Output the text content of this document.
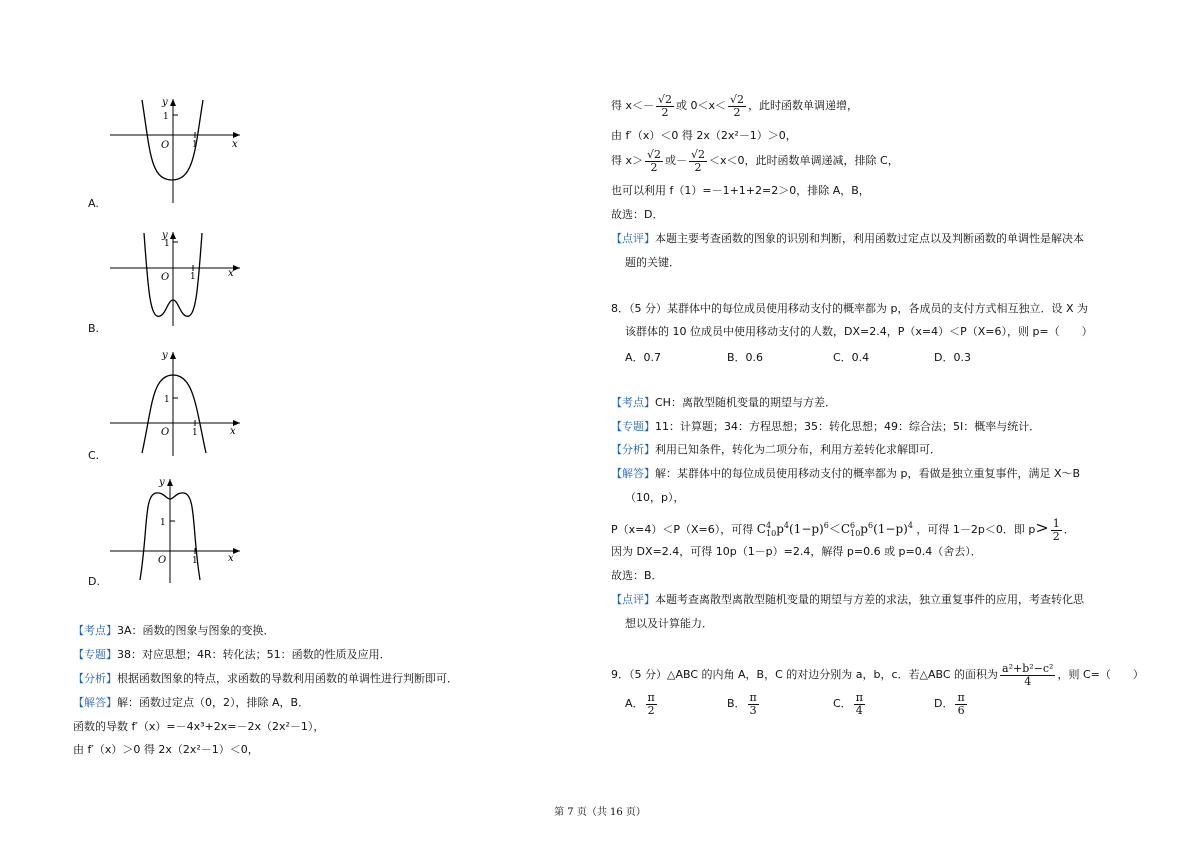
y
1
O	1	x
A.
y
1
O 1	x
B.
y
1
O	1	x
C.
y
1
O	1	x
D.
【考点】3A：函数的图象与图象的变换．
【专题】38：对应思想；4R：转化法；51：函数的性质及应用．
【分析】根据函数图象的特点，求函数的导数利用函数的单调性进行判断即可．
【解答】解：函数过定点（0，2），排除 A，B．
函数的导数 f′（x）=－4x³+2x=－2x（2x²－1），
由 f′（x）＞0 得 2x（2x²－1）＜0，
得 $x<- \frac{√2}{2}$ 或 $0<x< \frac{√2}{2}$ ，此时函数单调递增，
由 f′（x）＜0 得 2x（2x²－1）＞0，
得 $x> \frac{√2}{2}$ 或－ $\frac{√2}{2} <x<0$，此时函数单调递减，排除 C，
也可以利用 f（1）=－1+1+2=2＞0，排除 A，B，
故选：D．
【点评】本题主要考查函数的图象的识别和判断，利用函数过定点以及判断函数的单调性是解决本
题的关键．
8．（5 分）某群体中的每位成员使用移动支付的概率都为 p，各成员的支付方式相互独立．设 X 为
该群体的 10 位成员中使用移动支付的人数，DX=2.4，P（x=4）＜P（X=6），则 p=（　　）
A．0.7	B．0.6	C．0.4	D．0.3
【考点】CH：离散型随机变量的期望与方差．
【专题】11：计算题；34：方程思想；35：转化思想；49：综合法；5I：概率与统计．
【分析】利用已知条件，转化为二项分布，利用方差转化求解即可．
【解答】解：某群体中的每位成员使用移动支付的概率都为 p，看做是独立重复事件，满足 X～B
（10，p），
P（x=4）＜P（X=6），可得 $C^4_{10}p^4(1-p)^6<C^6_{10}p^6(1-p)^4$ ，可得 1－2p＜0．即 $p> \frac{1}{2}$ ．
因为 DX=2.4，可得 10p（1－p）=2.4，解得 p=0.6 或 p=0.4（舍去）．
故选：B．
【点评】本题考查离散型离散型随机变量的期望与方差的求法，独立重复事件的应用，考查转化思
想以及计算能力．
9．（5 分）△ABC 的内角 A，B，C 的对边分别为 a，b，c．若△ABC 的面积为 $\frac{\text{a²+b²−c²}}{4}$ ，则 C=（　　）
A． $\frac{\pi}{2}$	B． $\frac{\pi}{3}$	C． $\frac{\pi}{4}$	D． $\frac{\pi}{6}$
第 7 页（共 16 页）
